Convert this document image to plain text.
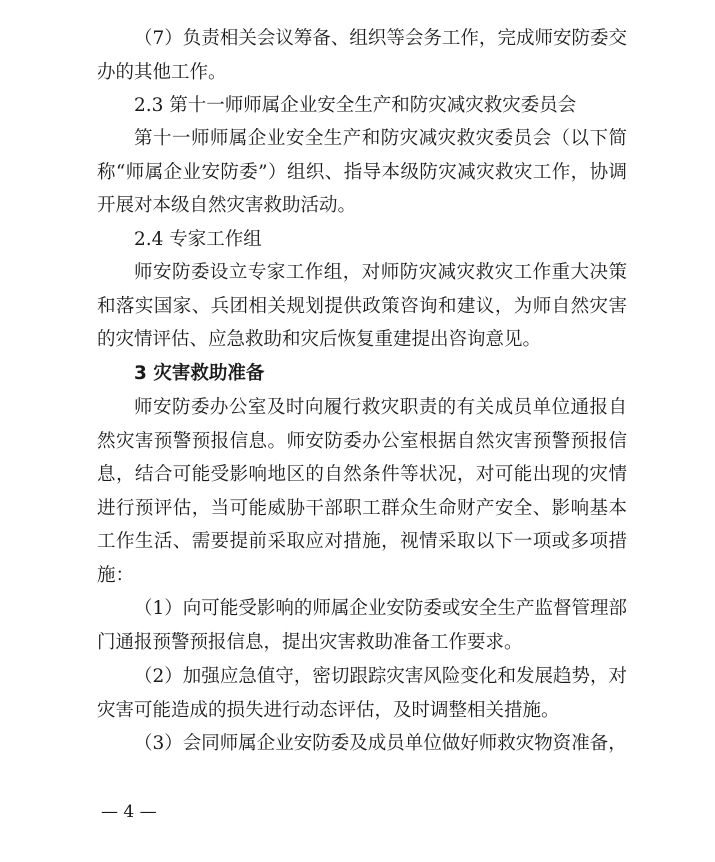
（7）负责相关会议筹备、组织等会务工作，完成师安防委交办的其他工作。

2.3 第十一师师属企业安全生产和防灾减灾救灾委员会

第十一师师属企业安全生产和防灾减灾救灾委员会（以下简称“师属企业安防委”）组织、指导本级防灾减灾救灾工作，协调开展对本级自然灾害救助活动。

2.4 专家工作组

师安防委设立专家工作组，对师防灾减灾救灾工作重大决策和落实国家、兵团相关规划提供政策咨询和建议，为师自然灾害的灾情评估、应急救助和灾后恢复重建提出咨询意见。

3 灾害救助准备

师安防委办公室及时向履行救灾职责的有关成员单位通报自然灾害预警预报信息。师安防委办公室根据自然灾害预警预报信息，结合可能受影响地区的自然条件等状况，对可能出现的灾情进行预评估，当可能威胁干部职工群众生命财产安全、影响基本工作生活、需要提前采取应对措施，视情采取以下一项或多项措施：

（1）向可能受影响的师属企业安防委或安全生产监督管理部门通报预警预报信息，提出灾害救助准备工作要求。

（2）加强应急值守，密切跟踪灾害风险变化和发展趋势，对灾害可能造成的损失进行动态评估，及时调整相关措施。

（3）会同师属企业安防委及成员单位做好师救灾物资准备，

— 4 —
